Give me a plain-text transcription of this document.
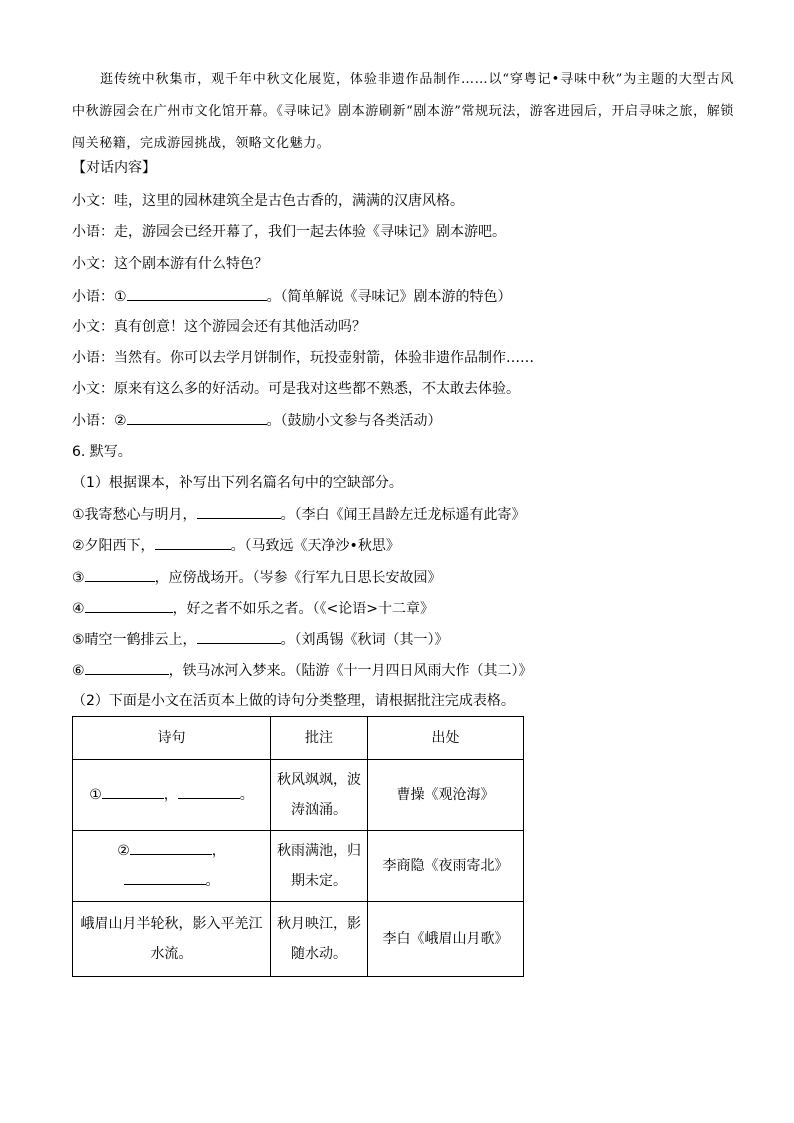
逛传统中秋集市，观千年中秋文化展览，体验非遗作品制作……以“穿粤记•寻味中秋”为主题的大型古风中秋游园会在广州市文化馆开幕。《寻味记》剧本游刷新“剧本游”常规玩法，游客进园后，开启寻味之旅，解锁闯关秘籍，完成游园挑战，领略文化魅力。

【对话内容】
小文：哇，这里的园林建筑全是古色古香的，满满的汉唐风格。
小语：走，游园会已经开幕了，我们一起去体验《寻味记》剧本游吧。
小文：这个剧本游有什么特色？
小语：①	。（简单解说《寻味记》剧本游的特色）
小文：真有创意！这个游园会还有其他活动吗？
小语：当然有。你可以去学月饼制作，玩投壶射箭，体验非遗作品制作……
小文：原来有这么多的好活动。可是我对这些都不熟悉，不太敢去体验。
小语：②	。（鼓励小文参与各类活动）
6. 默写。
（1）根据课本，补写出下列名篇名句中的空缺部分。
①我寄愁心与明月，	。（李白《闻王昌龄左迁龙标遥有此寄》
②夕阳西下，	。（马致远《天净沙•秋思》
③	，应傍战场开。（岑参《行军九日思长安故园》
④	，好之者不如乐之者。（《<论语>十二章》
⑤晴空一鹤排云上，	。（刘禹锡《秋词（其一）》
⑥	，铁马冰河入梦来。（陆游《十一月四日风雨大作（其二）》
（2）下面是小文在活页本上做的诗句分类整理，请根据批注完成表格。
诗句	批注	出处
① ， 。	秋风飒飒，波涛汹涌。	曹操《观沧海》
② ，
。	秋雨满池，归期未定。	李商隐《夜雨寄北》
峨眉山月半轮秋，影入平羌江水流。	秋月映江，影随水动。	李白《峨眉山月歌》
